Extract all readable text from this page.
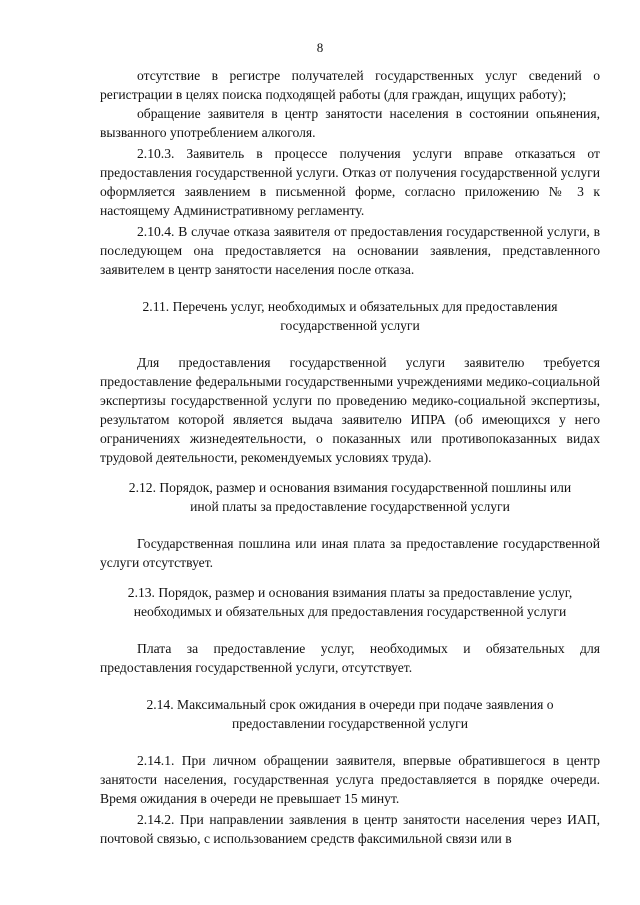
8

отсутствие в регистре получателей государственных услуг сведений о регистрации в целях поиска подходящей работы (для граждан, ищущих работу);

обращение заявителя в центр занятости населения в состоянии опьянения, вызванного употреблением алкоголя.

2.10.3. Заявитель в процессе получения услуги вправе отказаться от предоставления государственной услуги. Отказ от получения государственной услуги оформляется заявлением в письменной форме, согласно приложению № 3 к настоящему Административному регламенту.

2.10.4. В случае отказа заявителя от предоставления государственной услуги, в последующем она предоставляется на основании заявления, представленного заявителем в центр занятости населения после отказа.

2.11. Перечень услуг, необходимых и обязательных для предоставления
государственной услуги

Для предоставления государственной услуги заявителю требуется предоставление федеральными государственными учреждениями медико-социальной экспертизы государственной услуги по проведению медико-социальной экспертизы, результатом которой является выдача заявителю ИПРА (об имеющихся у него ограничениях жизнедеятельности, о показанных или противопоказанных видах трудовой деятельности, рекомендуемых условиях труда).

2.12. Порядок, размер и основания взимания государственной пошлины или
иной платы за предоставление государственной услуги

Государственная пошлина или иная плата за предоставление государственной услуги отсутствует.

2.13. Порядок, размер и основания взимания платы за предоставление услуг,
необходимых и обязательных для предоставления государственной услуги

Плата за предоставление услуг, необходимых и обязательных для предоставления государственной услуги, отсутствует.

2.14. Максимальный срок ожидания в очереди при подаче заявления о
предоставлении государственной услуги

2.14.1. При личном обращении заявителя, впервые обратившегося в центр занятости населения, государственная услуга предоставляется в порядке очереди. Время ожидания в очереди не превышает 15 минут.

2.14.2. При направлении заявления в центр занятости населения через ИАП, почтовой связью, с использованием средств факсимильной связи или в
